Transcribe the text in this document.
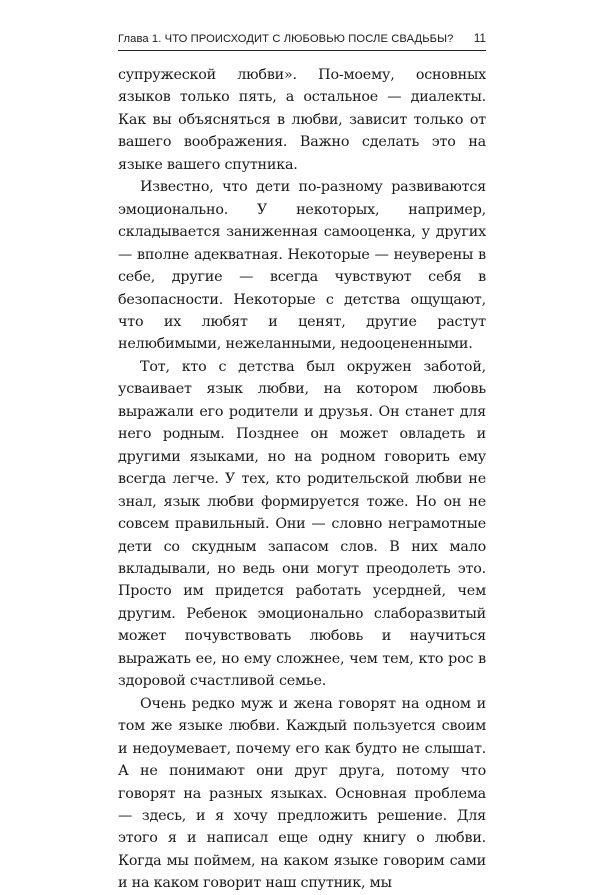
Глава 1. ЧТО ПРОИСХОДИТ С ЛЮБОВЬЮ ПОСЛЕ СВАДЬБЫ? 11

супружеской любви». По-моему, основных языков только пять, а остальное — диалекты. Как вы объясняться в любви, зависит только от вашего воображения. Важно сделать это на языке вашего спутника.

Известно, что дети по-разному развиваются эмоционально. У некоторых, например, складывается заниженная самооценка, у других — вполне адекватная. Некоторые — неуверены в себе, другие — всегда чувствуют себя в безопасности. Некоторые с детства ощущают, что их любят и ценят, другие растут нелюбимыми, нежеланными, недооцененными.

Тот, кто с детства был окружен заботой, усваивает язык любви, на котором любовь выражали его родители и друзья. Он станет для него родным. Позднее он может овладеть и другими языками, но на родном говорить ему всегда легче. У тех, кто родительской любви не знал, язык любви формируется тоже. Но он не совсем правильный. Они — словно неграмотные дети со скудным запасом слов. В них мало вкладывали, но ведь они могут преодолеть это. Просто им придется работать усердней, чем другим. Ребенок эмоционально слаборазвитый может почувствовать любовь и научиться выражать ее, но ему сложнее, чем тем, кто рос в здоровой счастливой семье.

Очень редко муж и жена говорят на одном и том же языке любви. Каждый пользуется своим и недоумевает, почему его как будто не слышат. А не понимают они друг друга, потому что говорят на разных языках. Основная проблема — здесь, и я хочу предложить решение. Для этого я и написал еще одну книгу о любви. Когда мы поймем, на каком языке говорим сами и на каком говорит наш спутник, мы
